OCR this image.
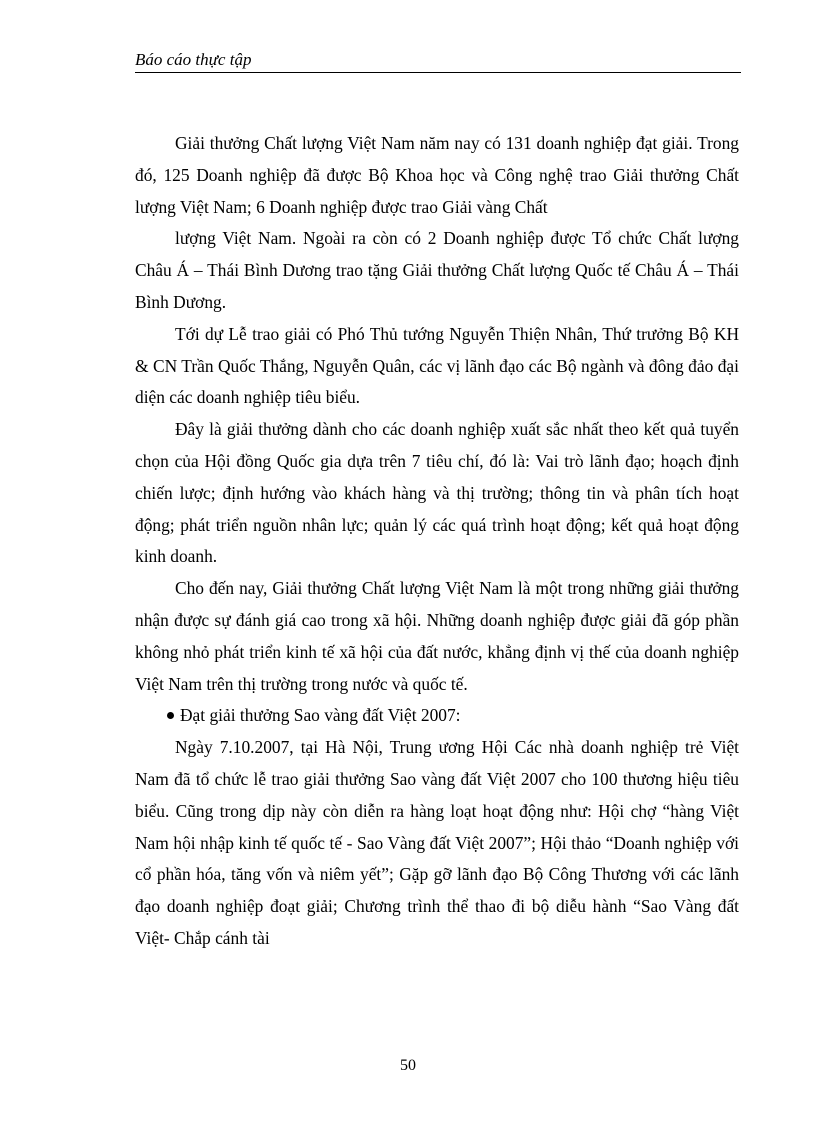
Báo cáo thực tập

Giải thưởng Chất lượng Việt Nam năm nay có 131 doanh nghiệp đạt giải. Trong đó, 125 Doanh nghiệp đã được Bộ Khoa học và Công nghệ trao Giải thưởng Chất lượng Việt Nam; 6 Doanh nghiệp được trao Giải vàng Chất

lượng Việt Nam. Ngoài ra còn có 2 Doanh nghiệp được Tổ chức Chất lượng Châu Á – Thái Bình Dương trao tặng Giải thưởng Chất lượng Quốc tế Châu Á – Thái Bình Dương.

Tới dự Lễ trao giải có Phó Thủ tướng Nguyễn Thiện Nhân, Thứ trưởng Bộ KH & CN Trần Quốc Thắng, Nguyễn Quân, các vị lãnh đạo các Bộ ngành và đông đảo đại diện các doanh nghiệp tiêu biểu.

Đây là giải thưởng dành cho các doanh nghiệp xuất sắc nhất theo kết quả tuyển chọn của Hội đồng Quốc gia dựa trên 7 tiêu chí, đó là: Vai trò lãnh đạo; hoạch định chiến lược; định hướng vào khách hàng và thị trường; thông tin và phân tích hoạt động; phát triển nguồn nhân lực; quản lý các quá trình hoạt động; kết quả hoạt động kinh doanh.

Cho đến nay, Giải thưởng Chất lượng Việt Nam là một trong những giải thưởng nhận được sự đánh giá cao trong xã hội. Những doanh nghiệp được giải đã góp phần không nhỏ phát triển kinh tế xã hội của đất nước, khẳng định vị thế của doanh nghiệp Việt Nam trên thị trường trong nước và quốc tế.

Đạt giải thưởng Sao vàng đất Việt 2007:

Ngày 7.10.2007, tại Hà Nội, Trung ương Hội Các nhà doanh nghiệp trẻ Việt Nam đã tổ chức lễ trao giải thưởng Sao vàng đất Việt 2007 cho 100 thương hiệu tiêu biểu. Cũng trong dịp này còn diễn ra hàng loạt hoạt động như: Hội chợ “hàng Việt Nam hội nhập kinh tế quốc tế - Sao Vàng đất Việt 2007”; Hội thảo “Doanh nghiệp với cổ phần hóa, tăng vốn và niêm yết”; Gặp gỡ lãnh đạo Bộ Công Thương với các lãnh đạo doanh nghiệp đoạt giải; Chương trình thể thao đi bộ diễu hành “Sao Vàng đất Việt- Chắp cánh tài

50
